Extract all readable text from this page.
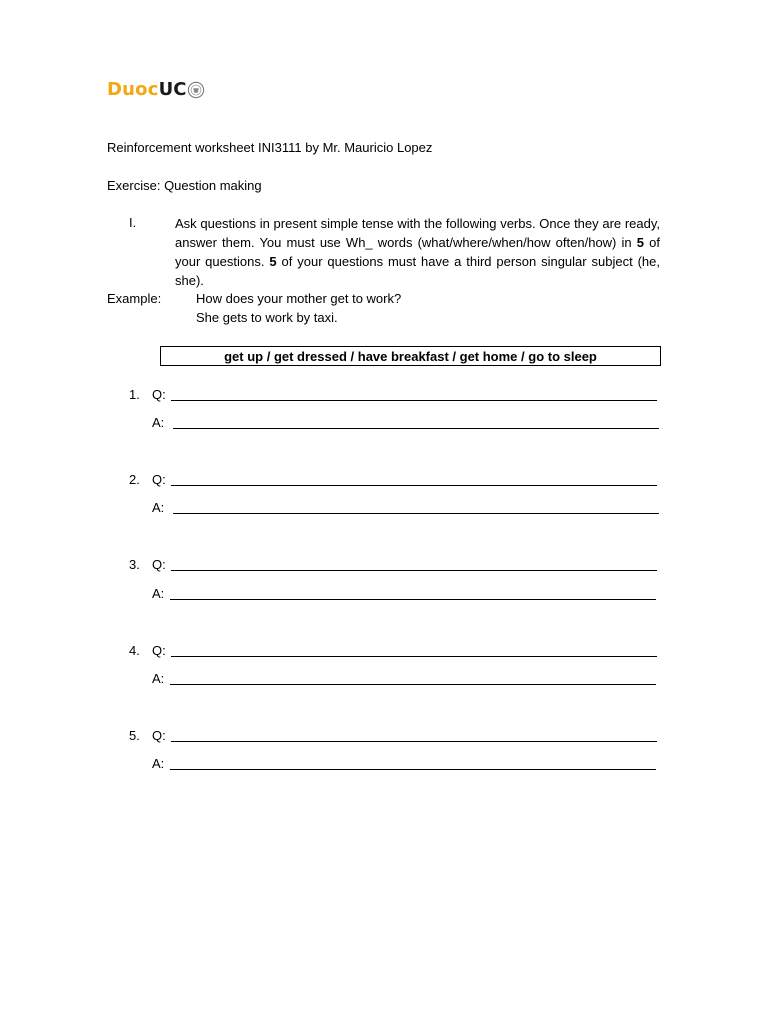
Duoc UC
Reinforcement worksheet INI3111 by Mr. Mauricio Lopez
Exercise: Question making
I.	Ask questions in present simple tense with the following verbs. Once they are ready, answer them. You must use Wh_ words (what/where/when/how often/how) in 5 of your questions. 5 of your questions must have a third person singular subject (he, she).
Example:	How does your mother get to work?
She gets to work by taxi.
get up / get dressed / have breakfast / get home / go to sleep
1. Q:
A:
2. Q:
A:
3. Q:
A:
4. Q:
A:
5. Q:
A:
